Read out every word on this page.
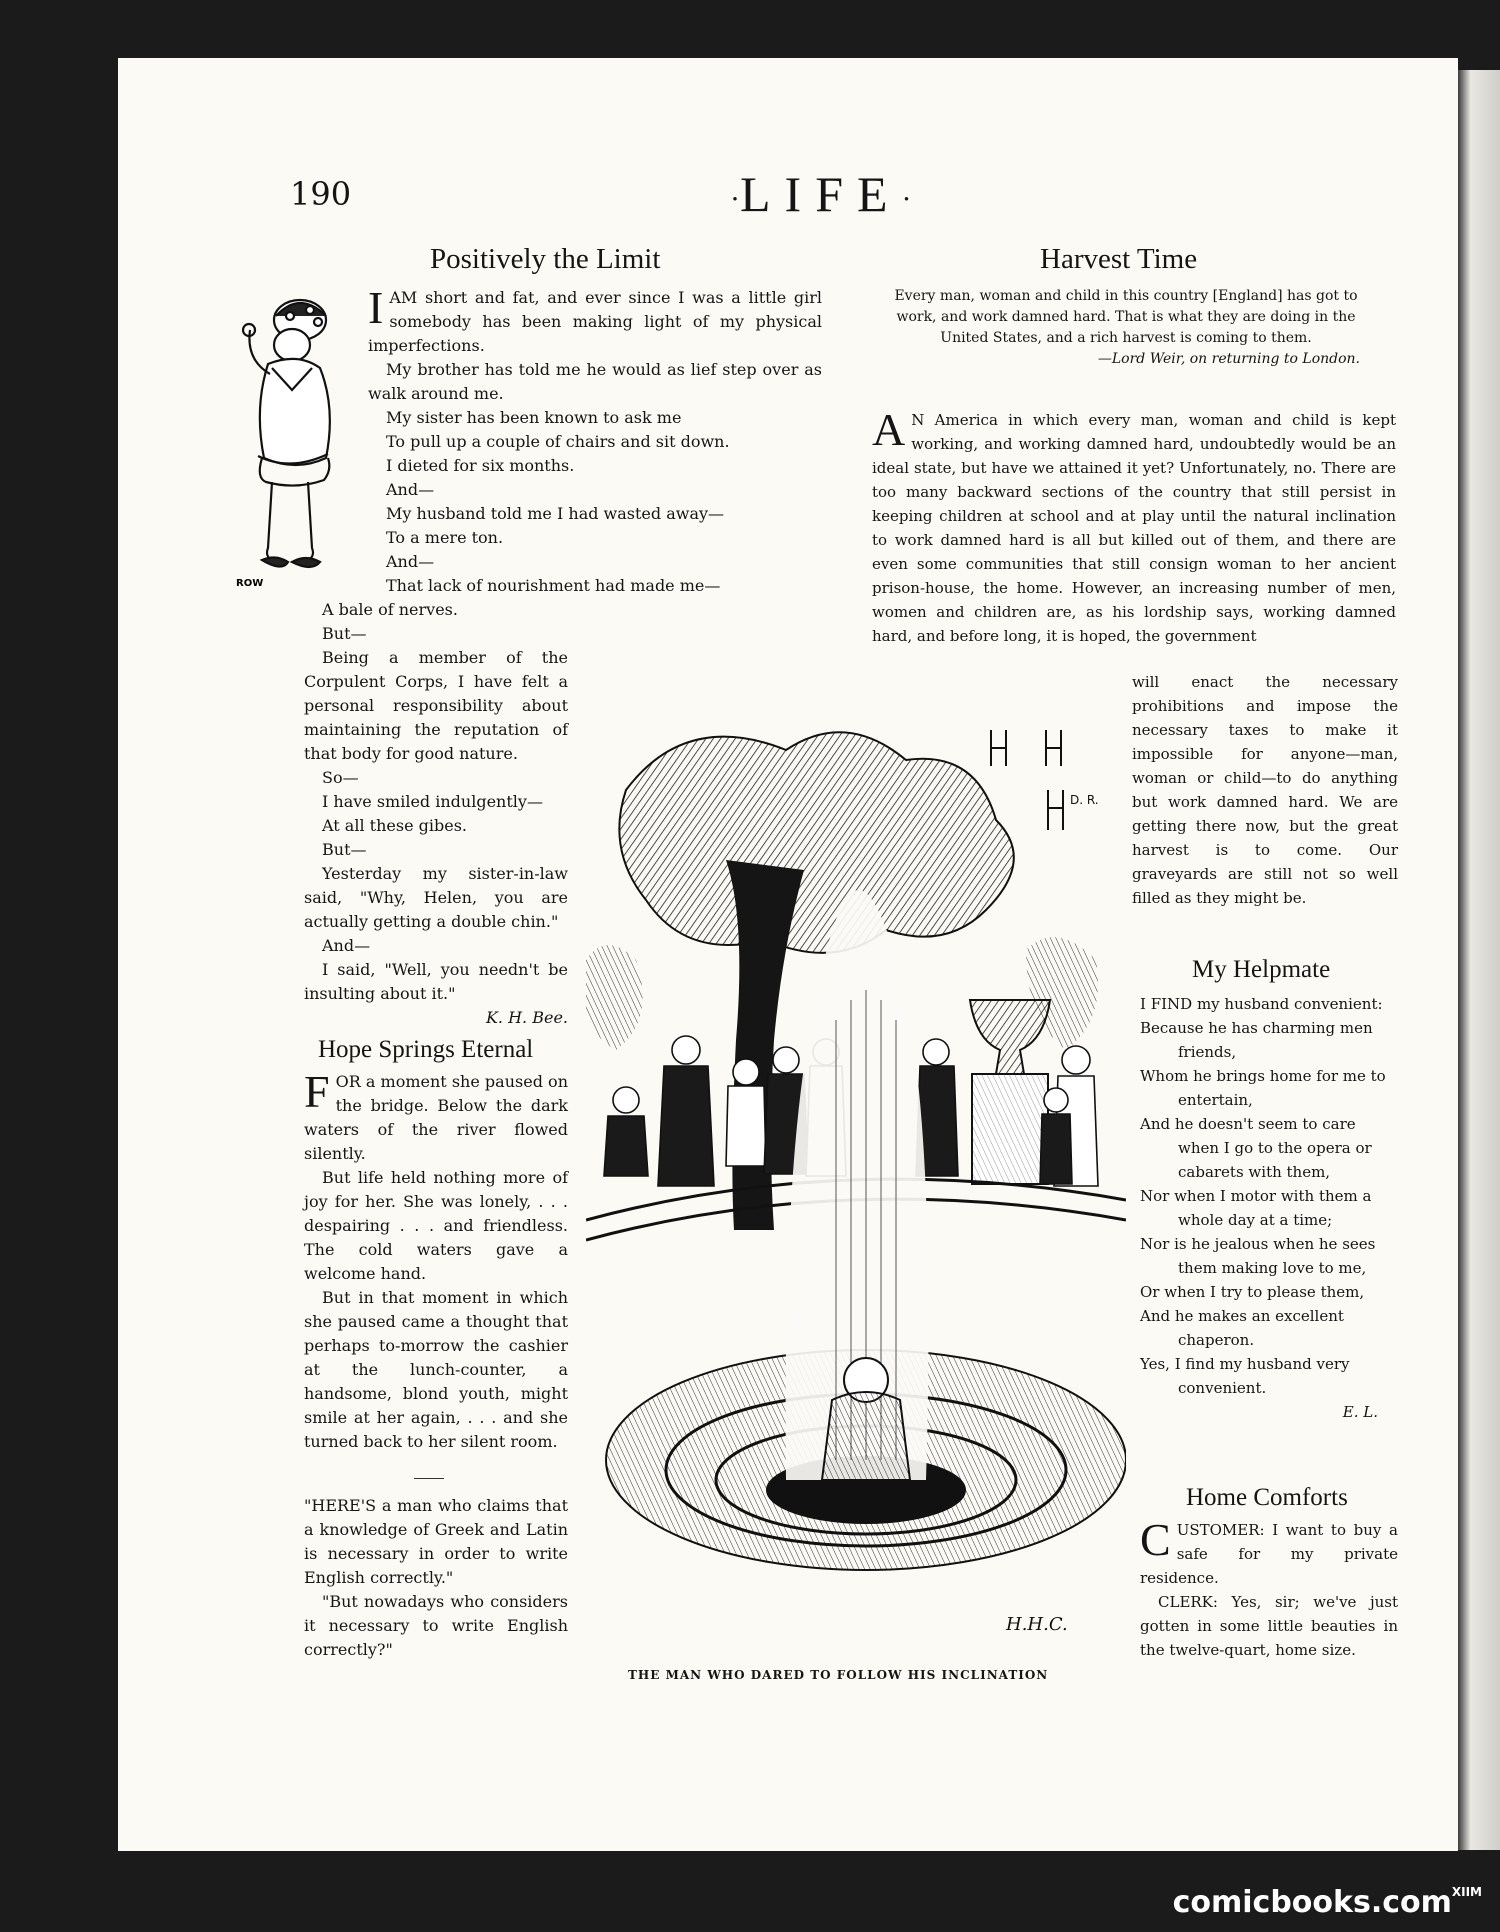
190	·LIFE·
Positively the Limit
ROW

I AM short and fat, and ever since I was a little girl somebody has been making light of my physical imperfections.

My brother has told me he would as lief step over as walk around me.

My sister has been known to ask me

To pull up a couple of chairs and sit down.

I dieted for six months.

And—

My husband told me I had wasted away—

To a mere ton.

And—

That lack of nourishment had made me—

A bale of nerves.

But—

Being a member of the Corpulent Corps, I have felt a personal responsibility about maintaining the reputation of that body for good nature.

So—

I have smiled indulgently—

At all these gibes.

But—

Yesterday my sister-in-law said, "Why, Helen, you are actually getting a double chin."

And—

I said, "Well, you needn't be insulting about it."

K. H. Bee.

Hope Springs Eternal

FOR a moment she paused on the bridge. Below the dark waters of the river flowed silently.

But life held nothing more of joy for her. She was lonely, . . . despairing . . . and friendless. The cold waters gave a welcome hand.

But in that moment in which she paused came a thought that perhaps to-morrow the cashier at the lunch-counter, a handsome, blond youth, might smile at her again, . . . and she turned back to her silent room.

"HERE'S a man who claims that a knowledge of Greek and Latin is necessary in order to write English correctly."

"But nowadays who considers it necessary to write English correctly?"

Harvest Time

Every man, woman and child in this country [England] has got to work, and work damned hard. That is what they are doing in the United States, and a rich harvest is coming to them.

—Lord Weir, on returning to London.

A N America in which every man, woman and child is kept working, and working damned hard, undoubtedly would be an ideal state, but have we attained it yet? Unfortunately, no. There are too many backward sections of the country that still persist in keeping children at school and at play until the natural inclination to work damned hard is all but killed out of them, and there are even some communities that still consign woman to her ancient prison-house, the home. However, an increasing number of men, women and children are, as his lordship says, working damned hard, and before long, it is hoped, the government

will enact the necessary prohibitions and impose the necessary taxes to make it impossible for anyone—man, woman or child—to do anything but work damned hard. We are getting there now, but the great harvest is to come. Our graveyards are still not so well filled as they might be.

My Helpmate

I FIND my husband convenient:

Because he has charming men friends,

Whom he brings home for me to entertain,

And he doesn't seem to care when I go to the opera or cabarets with them,

Nor when I motor with them a whole day at a time;

Nor is he jealous when he sees them making love to me,

Or when I try to please them,

And he makes an excellent chaperon.

Yes, I find my husband very convenient.

E. L.

Home Comforts

CUSTOMER: I want to buy a safe for my private residence.

CLERK: Yes, sir; we've just gotten in some little beauties in the twelve-quart, home size.

D. R.
H.H.C.
THE MAN WHO DARED TO FOLLOW HIS INCLINATION
comicbooks.com$^{XIIM}$
